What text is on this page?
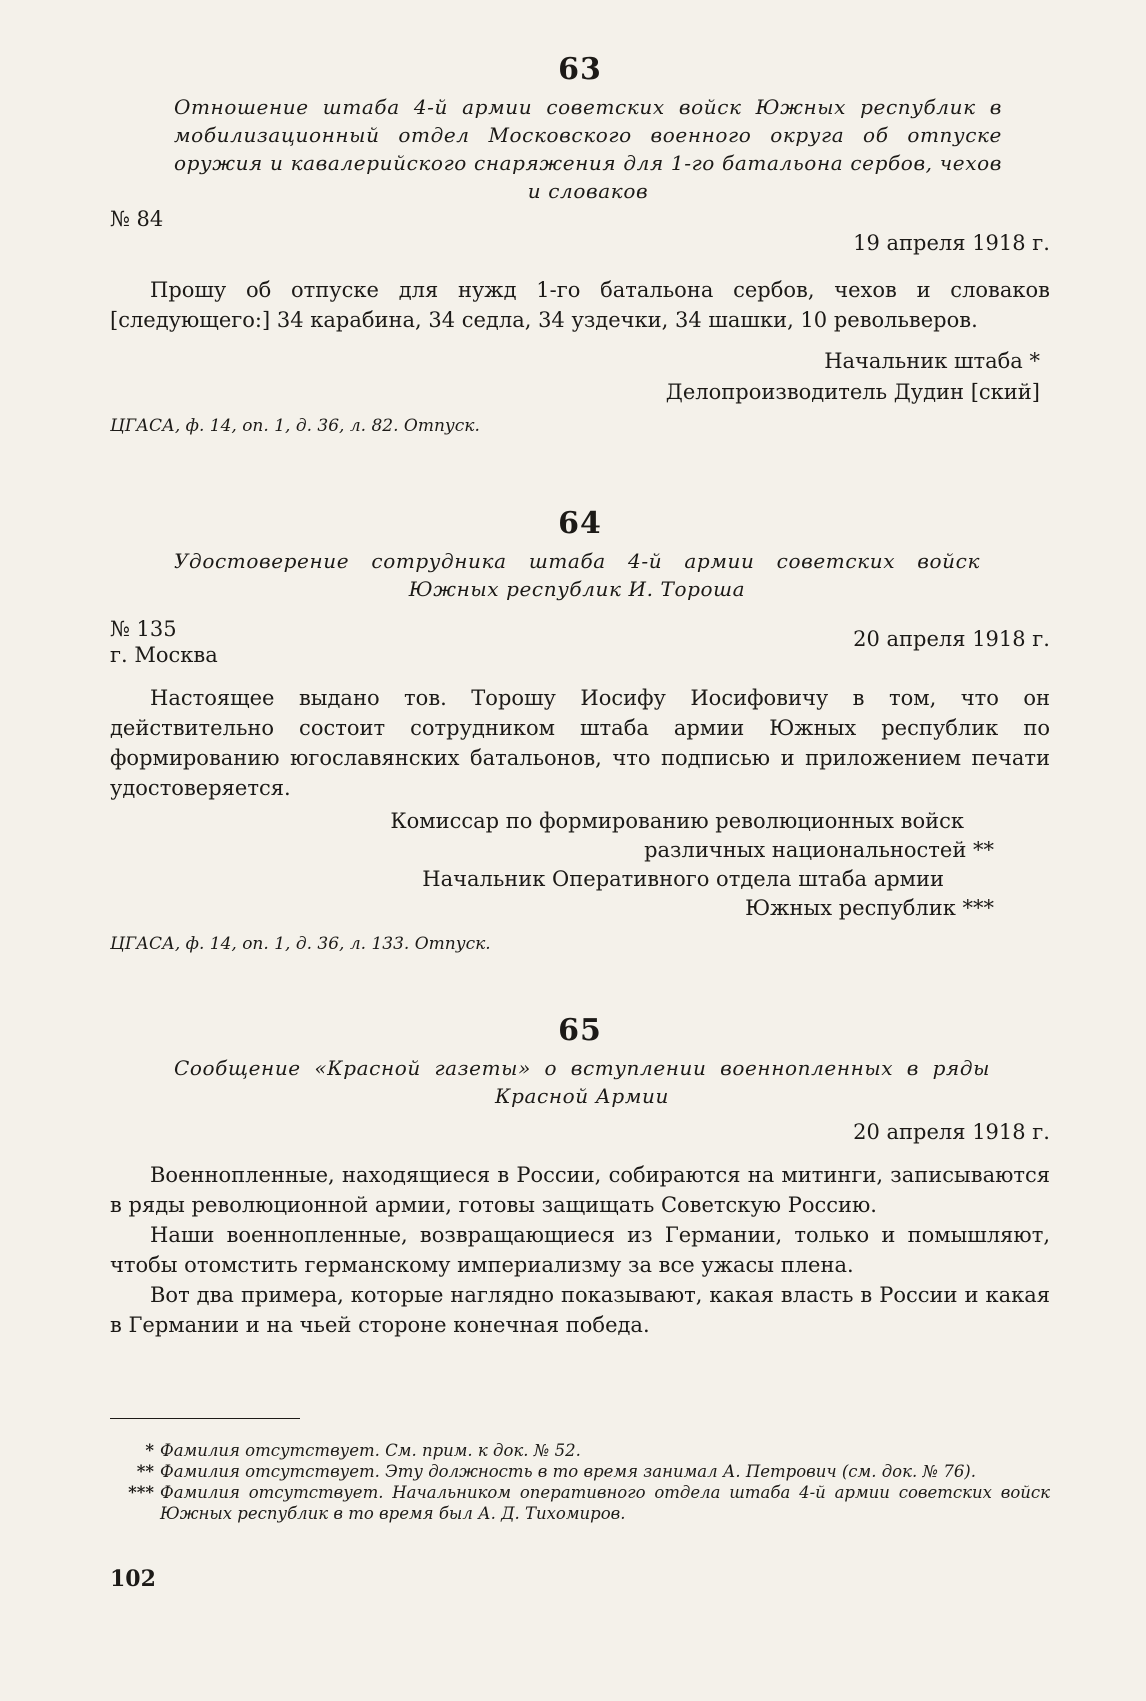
63
Отношение штаба 4-й армии советских войск Южных республик в мобилизационный отдел Московского военного округа об отпуске оружия и кавалерийского снаряжения для 1-го батальона сербов, чехов и словаков
№ 84
19 апреля 1918 г.

Прошу об отпуске для нужд 1-го батальона сербов, чехов и словаков [следующего:] 34 карабина, 34 седла, 34 уздечки, 34 шашки, 10 револьверов.

Начальник штаба *
Делопроизводитель Дудин [ский]
ЦГАСА, ф. 14, оп. 1, д. 36, л. 82. Отпуск.
64
Удостоверение сотрудника штаба 4-й армии советских войск Южных республик И. Тороша
№ 135	20 апреля 1918 г.
г. Москва

Настоящее выдано тов. Торошу Иосифу Иосифовичу в том, что он действительно состоит сотрудником штаба армии Южных республик по формированию югославянских батальонов, что подписью и приложением печати удостоверяется.

Комиссар по формированию революционных войск
различных национальностей **
Начальник Оперативного отдела штаба армии
Южных республик ***
ЦГАСА, ф. 14, оп. 1, д. 36, л. 133. Отпуск.
65
Сообщение «Красной газеты» о вступлении военнопленных в ряды Красной Армии
20 апреля 1918 г.

Военнопленные, находящиеся в России, собираются на митинги, записываются в ряды революционной армии, готовы защищать Советскую Россию.

Наши военнопленные, возвращающиеся из Германии, только и помышляют, чтобы отомстить германскому империализму за все ужасы плена.

Вот два примера, которые наглядно показывают, какая власть в России и какая в Германии и на чьей стороне конечная победа.

* Фамилия отсутствует. См. прим. к док. № 52.
** Фамилия отсутствует. Эту должность в то время занимал А. Петрович (см. док. № 76).
*** Фамилия отсутствует. Начальником оперативного отдела штаба 4-й армии советских войск Южных республик в то время был А. Д. Тихомиров.
102
